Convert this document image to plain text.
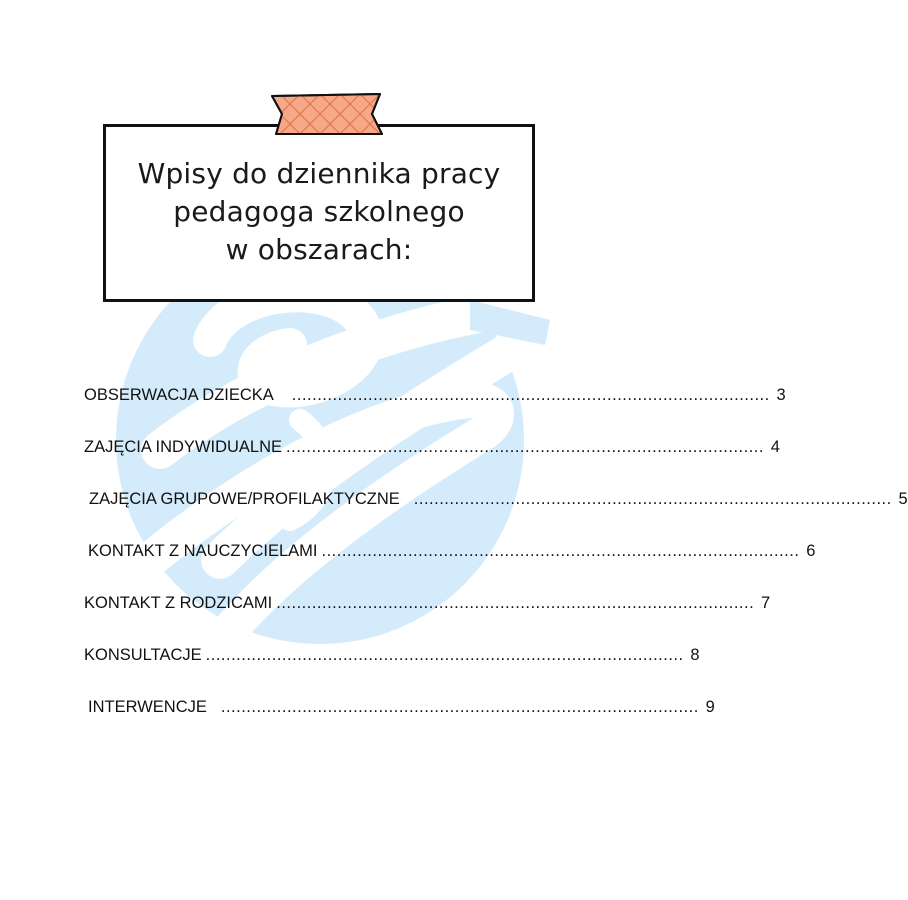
Wpisy do dziennika pracy
pedagoga szkolnego
w obszarach:
OBSERWACJA DZIECKA .............................................................................................. 3
ZAJĘCIA INDYWIDUALNE .............................................................................................. 4
ZAJĘCIA GRUPOWE/PROFILAKTYCZNE .............................................................................................. 5
KONTAKT Z NAUCZYCIELAMI .............................................................................................. 6
KONTAKT Z RODZICAMI .............................................................................................. 7
KONSULTACJE .............................................................................................. 8
INTERWENCJE .............................................................................................. 9
